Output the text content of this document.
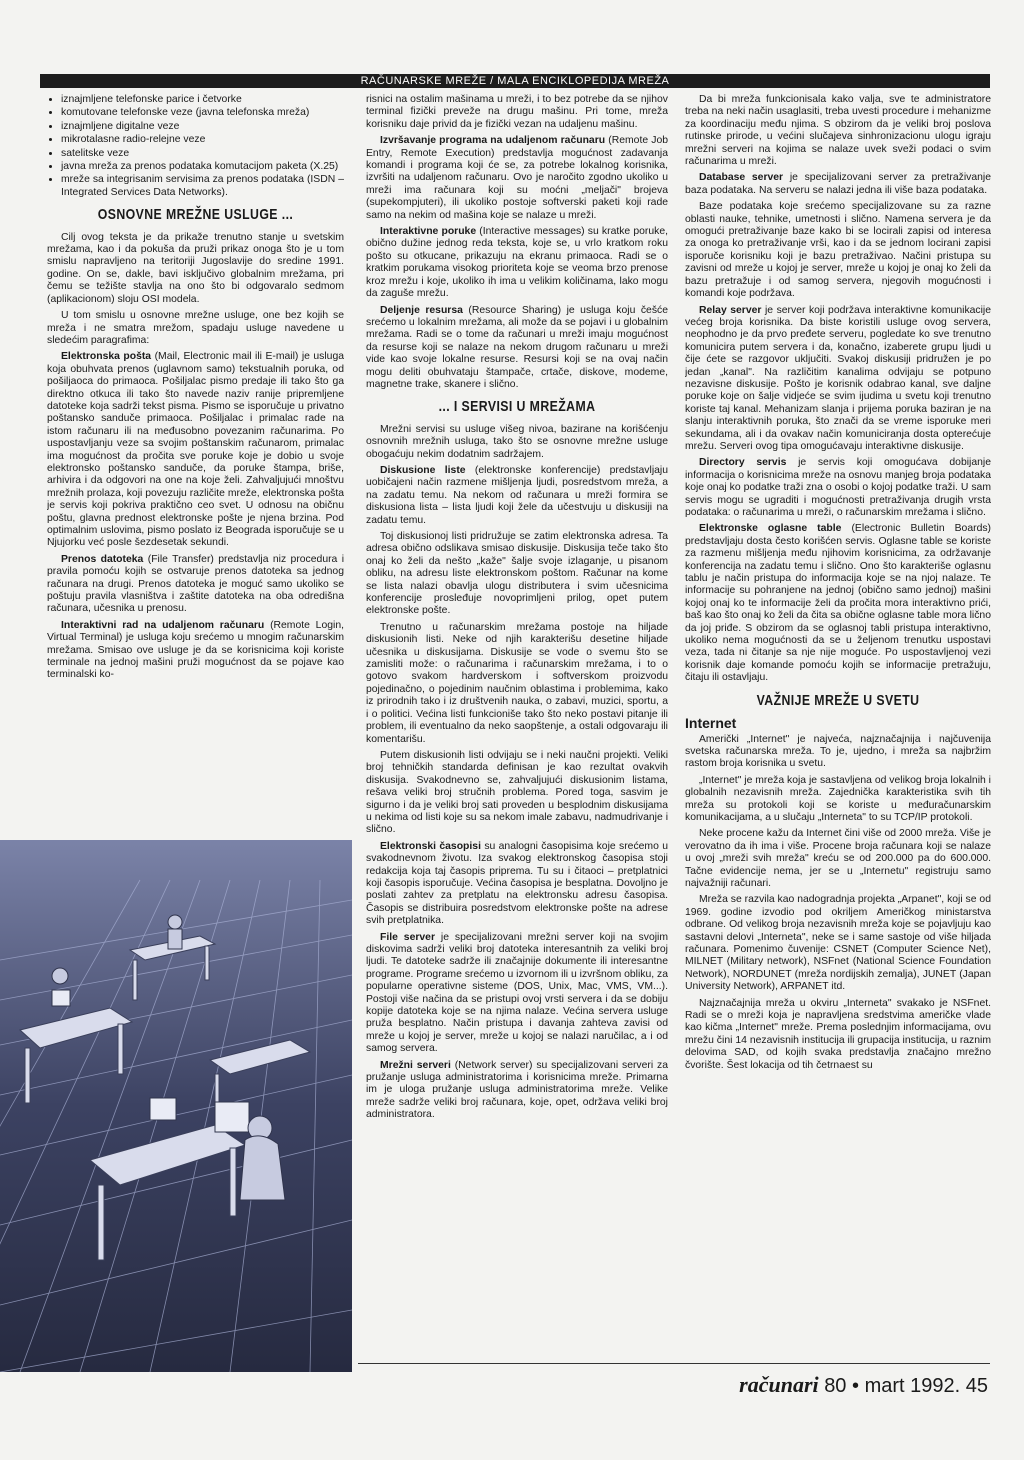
RAČUNARSKE MREŽE / MALA ENCIKLOPEDIJA MREŽA
• iznajmljene telefonske parice i četvorke
• komutovane telefonske veze (javna telefonska mreža)
• iznajmljene digitalne veze
• mikrotalasne radio-relejne veze
• satelitske veze
• javna mreža za prenos podataka komutacijom paketa (X.25)
• mreže sa integrisanim servisima za prenos podataka (ISDN – Integrated Services Data Networks).
OSNOVNE MREŽNE USLUGE ...

Cilj ovog teksta je da prikaže trenutno stanje u svetskim mrežama, kao i da pokuša da pruži prikaz onoga što je u tom smislu napravljeno na teritoriji Jugoslavije do sredine 1991. godine. On se, dakle, bavi isključivo globalnim mrežama, pri čemu se težište stavlja na ono što bi odgovaralo sedmom (aplikacionom) sloju OSI modela.

U tom smislu u osnovne mrežne usluge, one bez kojih se mreža i ne smatra mrežom, spadaju usluge navedene u sledećim paragrafima:

Elektronska pošta (Mail, Electronic mail ili E-mail) je usluga koja obuhvata prenos (uglavnom samo) tekstualnih poruka, od pošiljaoca do primaoca. Pošiljalac pismo predaje ili tako što ga direktno otkuca ili tako što navede naziv ranije pripremljene datoteke koja sadrži tekst pisma. Pismo se isporučuje u privatno poštansko sanduče primaoca. Pošiljalac i primalac rade na istom računaru ili na međusobno povezanim računarima. Po uspostavljanju veze sa svojim poštanskim računarom, primalac ima mogućnost da pročita sve poruke koje je dobio u svoje elektronsko poštansko sanduče, da poruke štampa, briše, arhivira i da odgovori na one na koje želi. Zahvaljujući mnoštvu mrežnih prolaza, koji povezuju različite mreže, elektronska pošta je servis koji pokriva praktično ceo svet. U odnosu na običnu poštu, glavna prednost elektronske pošte je njena brzina. Pod optimalnim uslovima, pismo poslato iz Beograda isporučuje se u Njujorku već posle šezdesetak sekundi.

Prenos datoteka (File Transfer) predstavlja niz procedura i pravila pomoću kojih se ostvaruje prenos datoteka sa jednog računara na drugi. Prenos datoteka je moguć samo ukoliko se poštuju pravila vlasništva i zaštite datoteka na oba odredišna računara, učesnika u prenosu.

Interaktivni rad na udaljenom računaru (Remote Login, Virtual Terminal) je usluga koju srećemo u mnogim računarskim mrežama. Smisao ove usluge je da se korisnicima koji koriste terminale na jednoj mašini pruži mogućnost da se pojave kao terminalski ko-

risnici na ostalim mašinama u mreži, i to bez potrebe da se njihov terminal fizički preveže na drugu mašinu. Pri tome, mreža korisniku daje privid da je fizički vezan na udaljenu mašinu.

Izvršavanje programa na udaljenom računaru (Remote Job Entry, Remote Execution) predstavlja mogućnost zadavanja komandi i programa koji će se, za potrebe lokalnog korisnika, izvršiti na udaljenom računaru. Ovo je naročito zgodno ukoliko u mreži ima računara koji su moćni „meljači" brojeva (supekompjuteri), ili ukoliko postoje softverski paketi koji rade samo na nekim od mašina koje se nalaze u mreži.

Interaktivne poruke (Interactive messages) su kratke poruke, obično dužine jednog reda teksta, koje se, u vrlo kratkom roku pošto su otkucane, prikazuju na ekranu primaoca. Radi se o kratkim porukama visokog prioriteta koje se veoma brzo prenose kroz mrežu i koje, ukoliko ih ima u velikim količinama, lako mogu da zaguše mrežu.

Deljenje resursa (Resource Sharing) je usluga koju češće srećemo u lokalnim mrežama, ali može da se pojavi i u globalnim mrežama. Radi se o tome da računari u mreži imaju mogućnost da resurse koji se nalaze na nekom drugom računaru u mreži vide kao svoje lokalne resurse. Resursi koji se na ovaj način mogu deliti obuhvataju štampače, crtače, diskove, modeme, magnetne trake, skanere i slično.

... I SERVISI U MREŽAMA

Mrežni servisi su usluge višeg nivoa, bazirane na korišćenju osnovnih mrežnih usluga, tako što se osnovne mrežne usluge obogaćuju nekim dodatnim sadržajem.

Diskusione liste (elektronske konferencije) predstavljaju uobičajeni način razmene mišljenja ljudi, posredstvom mreža, a na zadatu temu. Na nekom od računara u mreži formira se diskusiona lista – lista ljudi koji žele da učestvuju u diskusiji na zadatu temu.

Toj diskusionoj listi pridružuje se zatim elektronska adresa. Ta adresa obično odslikava smisao diskusije. Diskusija teče tako što onaj ko želi da nešto „kaže" šalje svoje izlaganje, u pisanom obliku, na adresu liste elektronskom poštom. Računar na kome se lista nalazi obavlja ulogu distributera i svim učesnicima konferencije prosleđuje novoprimljeni prilog, opet putem elektronske pošte.

Trenutno u računarskim mrežama postoje na hiljade diskusionih listi. Neke od njih karakterišu desetine hiljade učesnika u diskusijama. Diskusije se vode o svemu što se zamisliti može: o računarima i računarskim mrežama, i to o gotovo svakom hardverskom i softverskom proizvodu pojedinačno, o pojedinim naučnim oblastima i problemima, kako iz prirodnih tako i iz društvenih nauka, o zabavi, muzici, sportu, a i o politici. Većina listi funkcioniše tako što neko postavi pitanje ili problem, ili eventualno da neko saopštenje, a ostali odgovaraju ili komentarišu.

Putem diskusionih listi odvijaju se i neki naučni projekti. Veliki broj tehničkih standarda definisan je kao rezultat ovakvih diskusija. Svakodnevno se, zahvaljujući diskusionim listama, rešava veliki broj stručnih problema. Pored toga, sasvim je sigurno i da je veliki broj sati proveden u besplodnim diskusijama u nekima od listi koje su sa nekom imale zabavu, nadmudrivanje i slično.

Elektronski časopisi su analogni časopisima koje srećemo u svakodnevnom životu. Iza svakog elektronskog časopisa stoji redakcija koja taj časopis priprema. Tu su i čitaoci – pretplatnici koji časopis isporučuje. Većina časopisa je besplatna. Dovoljno je poslati zahtev za pretplatu na elektronsku adresu časopisa. Časopis se distribuira posredstvom elektronske pošte na adrese svih pretplatnika.

File server je specijalizovani mrežni server koji na svojim diskovima sadrži veliki broj datoteka interesantnih za veliki broj ljudi. Te datoteke sadrže ili značajnije dokumente ili interesantne programe. Programe srećemo u izvornom ili u izvršnom obliku, za popularne operativne sisteme (DOS, Unix, Mac, VMS, VM...). Postoji više načina da se pristupi ovoj vrsti servera i da se dobiju kopije datoteka koje se na njima nalaze. Većina servera usluge pruža besplatno. Način pristupa i davanja zahteva zavisi od mreže u kojoj je server, mreže u kojoj se nalazi naručilac, a i od samog servera.

Mrežni serveri (Network server) su specijalizovani serveri za pružanje usluga administratorima i korisnicima mreže. Primarna im je uloga pružanje usluga administratorima mreže. Velike mreže sadrže veliki broj računara, koje, opet, održava veliki broj administratora.

Da bi mreža funkcionisala kako valja, sve te administratore treba na neki način usaglasiti, treba uvesti procedure i mehanizme za koordinaciju među njima. S obzirom da je veliki broj poslova rutinske prirode, u većini slučajeva sinhronizacionu ulogu igraju mrežni serveri na kojima se nalaze uvek sveži podaci o svim računarima u mreži.

Database server je specijalizovani server za pretraživanje baza podataka. Na serveru se nalazi jedna ili više baza podataka.

Baze podataka koje srećemo specijalizovane su za razne oblasti nauke, tehnike, umetnosti i slično. Namena servera je da omogući pretraživanje baze kako bi se locirali zapisi od interesa za onoga ko pretraživanje vrši, kao i da se jednom locirani zapisi isporuče korisniku koji je bazu pretraživao. Načini pristupa su zavisni od mreže u kojoj je server, mreže u kojoj je onaj ko želi da bazu pretražuje i od samog servera, njegovih mogućnosti i komandi koje podržava.

Relay server je server koji podržava interaktivne komunikacije većeg broja korisnika. Da biste koristili usluge ovog servera, neophodno je da prvo pređete serveru, pogledate ko sve trenutno komunicira putem servera i da, konačno, izaberete grupu ljudi u čije ćete se razgovor uključiti. Svakoj diskusiji pridružen je po jedan „kanal". Na različitim kanalima odvijaju se potpuno nezavisne diskusije. Pošto je korisnik odabrao kanal, sve daljne poruke koje on šalje vidjeće se svim ijudima u svetu koji trenutno koriste taj kanal. Mehanizam slanja i prijema poruka baziran je na slanju interaktivnih poruka, što znači da se vreme isporuke meri sekundama, ali i da ovakav način komuniciranja dosta opterećuje mrežu. Serveri ovog tipa omogućavaju interaktivne diskusije.

Directory servis je servis koji omogućava dobijanje informacija o korisnicima mreže na osnovu manjeg broja podataka koje onaj ko podatke traži zna o osobi o kojoj podatke traži. U sam servis mogu se ugraditi i mogućnosti pretraživanja drugih vrsta podataka: o računarima u mreži, o računarskim mrežama i slično.

Elektronske oglasne table (Electronic Bulletin Boards) predstavljaju dosta često korišćen servis. Oglasne table se koriste za razmenu mišljenja među njihovim korisnicima, za održavanje konferencija na zadatu temu i slično. Ono što karakteriše oglasnu tablu je način pristupa do informacija koje se na njoj nalaze. Te informacije su pohranjene na jednoj (obično samo jednoj) mašini kojoj onaj ko te informacije želi da pročita mora interaktivno prići, baš kao što onaj ko želi da čita sa obične oglasne table mora lično da joj priđe. S obzirom da se oglasnoj tabli pristupa interaktivno, ukoliko nema mogućnosti da se u željenom trenutku uspostavi veza, tada ni čitanje sa nje nije moguće. Po uspostavljenoj vezi korisnik daje komande pomoću kojih se informacije pretražuju, čitaju ili ostavljaju.

VAŽNIJE MREŽE U SVETU
Internet

Američki „Internet" je najveća, najznačajnija i najčuvenija svetska računarska mreža. To je, ujedno, i mreža sa najbržim rastom broja korisnika u svetu.

„Internet" je mreža koja je sastavljena od velikog broja lokalnih i globalnih nezavisnih mreža. Zajednička karakteristika svih tih mreža su protokoli koji se koriste u međuračunarskim komunikacijama, a u slučaju „Interneta" to su TCP/IP protokoli.

Neke procene kažu da Internet čini više od 2000 mreža. Više je verovatno da ih ima i više. Procene broja računara koji se nalaze u ovoj „mreži svih mreža" kreću se od 200.000 pa do 600.000. Tačne evidencije nema, jer se u „Internetu" registruju samo najvažniji računari.

Mreža se razvila kao nadogradnja projekta „Arpanet", koji se od 1969. godine izvodio pod okriljem Američkog ministarstva odbrane. Od velikog broja nezavisnih mreža koje se pojavljuju kao sastavni delovi „Interneta", neke se i same sastoje od više hiljada računara. Pomenimo čuvenije: CSNET (Computer Science Net), MILNET (Military network), NSFnet (National Science Foundation Network), NORDUNET (mreža nordijskih zemalja), JUNET (Japan University Network), ARPANET itd.

Najznačajnija mreža u okviru „Interneta" svakako je NSFnet. Radi se o mreži koja je napravljena sredstvima američke vlade kao kičma „Internet" mreže. Prema poslednjim informacijama, ovu mrežu čini 14 nezavisnih institucija ili grupacija institucija, u raznim delovima SAD, od kojih svaka predstavlja značajno mrežno čvorište. Šest lokacija od tih četrnaest su

računari 80 • mart 1992. 45
